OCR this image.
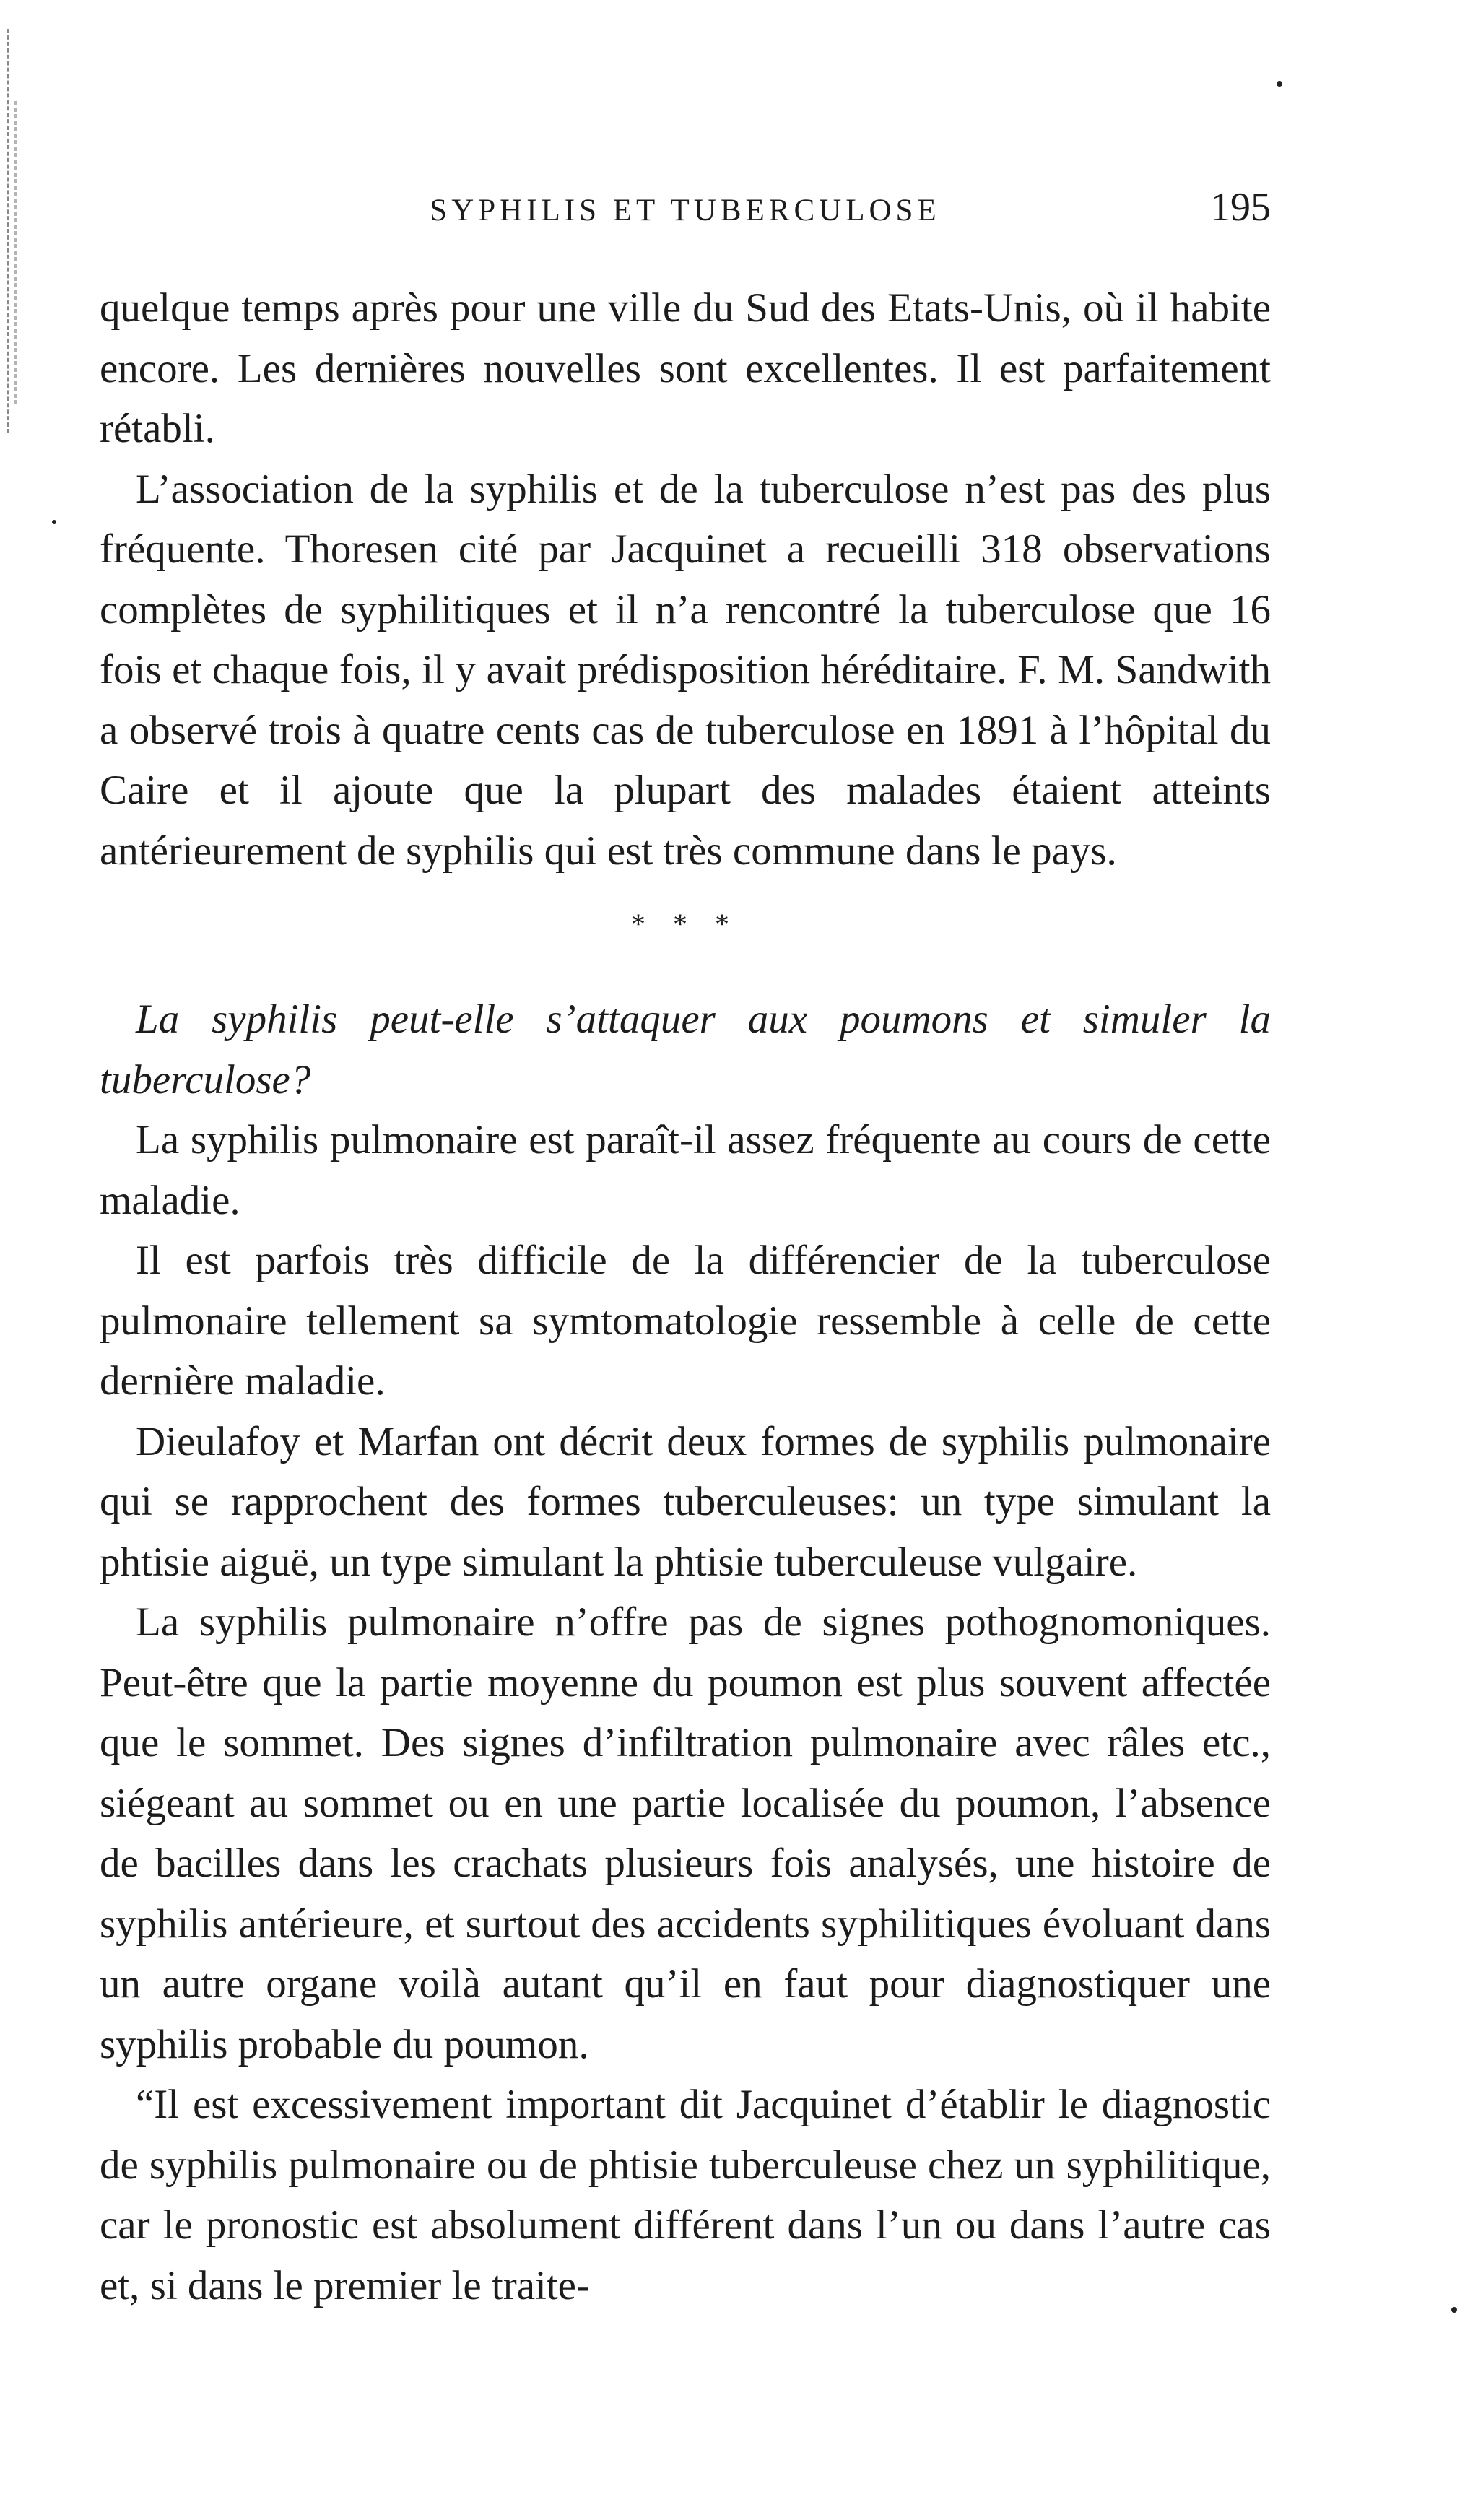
SYPHILIS ET TUBERCULOSE	195

quelque temps après pour une ville du Sud des Etats-Unis, où il habite encore. Les dernières nouvelles sont excellentes. Il est parfaitement rétabli.

L’association de la syphilis et de la tuberculose n’est pas des plus fréquente. Thoresen cité par Jacquinet a recueilli 318 observations complètes de syphilitiques et il n’a rencontré la tuberculose que 16 fois et chaque fois, il y avait prédisposition héréditaire. F. M. Sandwith a observé trois à quatre cents cas de tuberculose en 1891 à l’hôpital du Caire et il ajoute que la plupart des malades étaient atteints antérieurement de syphilis qui est très commune dans le pays.

* * *

La syphilis peut-elle s’attaquer aux poumons et simuler la tuberculose?

La syphilis pulmonaire est paraît-il assez fréquente au cours de cette maladie.

Il est parfois très difficile de la différencier de la tuberculose pulmonaire tellement sa symtomatologie ressemble à celle de cette dernière maladie.

Dieulafoy et Marfan ont décrit deux formes de syphilis pulmonaire qui se rapprochent des formes tuberculeuses: un type simulant la phtisie aiguë, un type simulant la phtisie tuberculeuse vulgaire.

La syphilis pulmonaire n’offre pas de signes pothognomoniques. Peut-être que la partie moyenne du poumon est plus souvent affectée que le sommet. Des signes d’infiltration pulmonaire avec râles etc., siégeant au sommet ou en une partie localisée du poumon, l’absence de bacilles dans les crachats plusieurs fois analysés, une histoire de syphilis antérieure, et surtout des accidents syphilitiques évoluant dans un autre organe voilà autant qu’il en faut pour diagnostiquer une syphilis probable du poumon.

“Il est excessivement important dit Jacquinet d’établir le diagnostic de syphilis pulmonaire ou de phtisie tuberculeuse chez un syphilitique, car le pronostic est absolument différent dans l’un ou dans l’autre cas et, si dans le premier le traite-
